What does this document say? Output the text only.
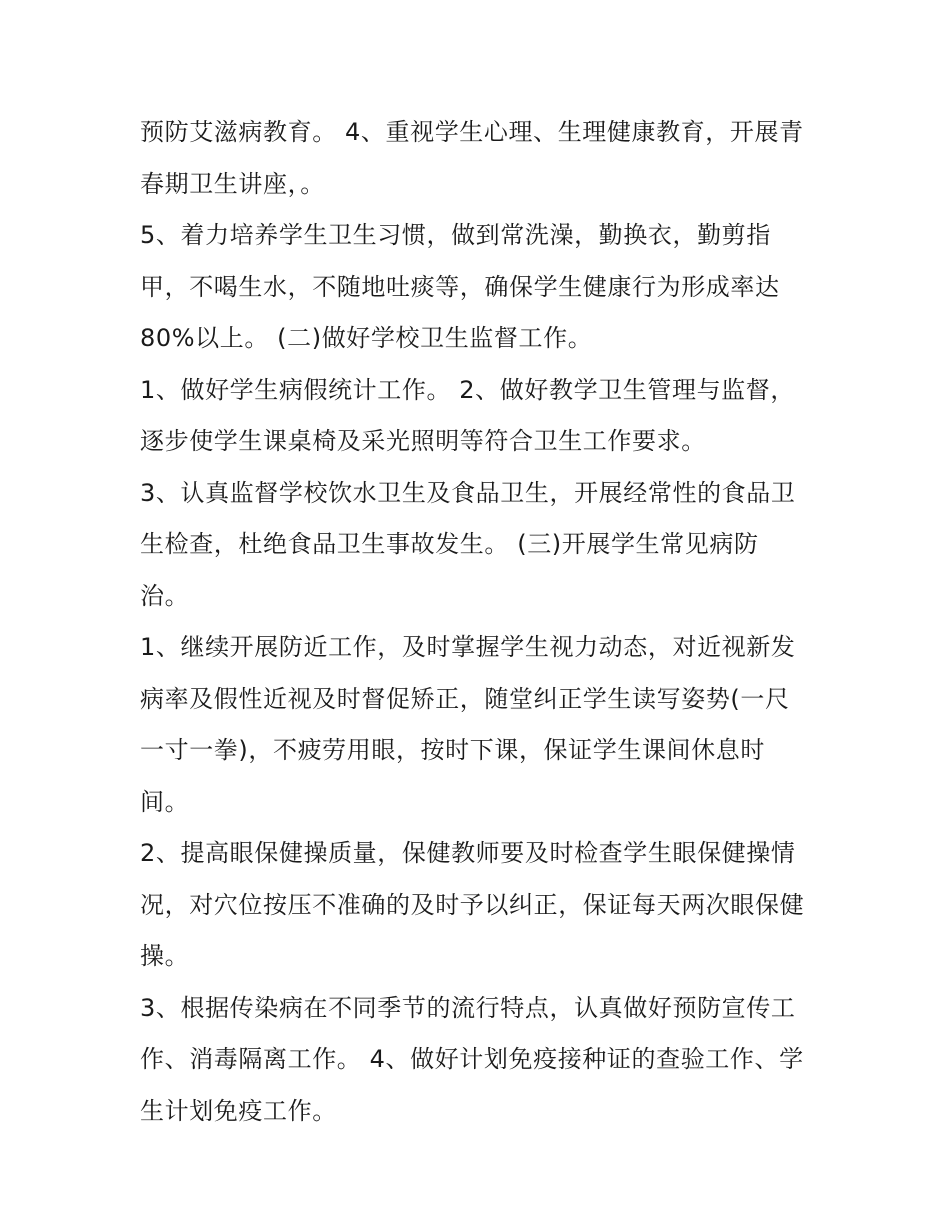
预防艾滋病教育。 4、重视学生心理、生理健康教育，开展青
春期卫生讲座，。
5、着力培养学生卫生习惯，做到常洗澡，勤换衣，勤剪指
甲，不喝生水，不随地吐痰等，确保学生健康行为形成率达
80%以上。 (二)做好学校卫生监督工作。
1、做好学生病假统计工作。 2、做好教学卫生管理与监督，
逐步使学生课桌椅及采光照明等符合卫生工作要求。
3、认真监督学校饮水卫生及食品卫生，开展经常性的食品卫
生检查，杜绝食品卫生事故发生。 (三)开展学生常见病防
治。
1、继续开展防近工作，及时掌握学生视力动态，对近视新发
病率及假性近视及时督促矫正，随堂纠正学生读写姿势(一尺
一寸一拳)，不疲劳用眼，按时下课，保证学生课间休息时
间。
2、提高眼保健操质量，保健教师要及时检查学生眼保健操情
况，对穴位按压不准确的及时予以纠正，保证每天两次眼保健
操。
3、根据传染病在不同季节的流行特点，认真做好预防宣传工
作、消毒隔离工作。 4、做好计划免疫接种证的查验工作、学
生计划免疫工作。
